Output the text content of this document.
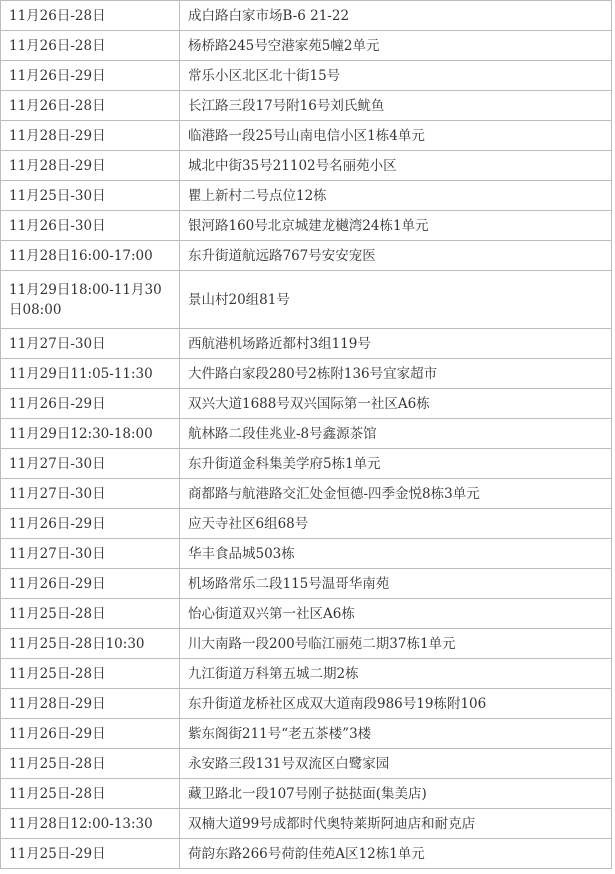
11月26日-28日	成白路白家市场B-6 21-22
11月26日-28日	杨桥路245号空港家苑5幢2单元
11月26日-29日	常乐小区北区北十街15号
11月26日-28日	长江路三段17号附16号刘氏鱿鱼
11月28日-29日	临港路一段25号山南电信小区1栋4单元
11月28日-29日	城北中街35号21102号名丽苑小区
11月25日-30日	瞿上新村二号点位12栋
11月26日-30日	银河路160号北京城建龙樾湾24栋1单元
11月28日16:00-17:00	东升街道航远路767号安安宠医
11月29日18:00-11月30日08:00	景山村20组81号
11月27日-30日	西航港机场路近都村3组119号
11月29日11:05-11:30	大件路白家段280号2栋附136号宜家超市
11月26日-29日	双兴大道1688号双兴国际第一社区A6栋
11月29日12:30-18:00	航林路二段佳兆业-8号鑫源茶馆
11月27日-30日	东升街道金科集美学府5栋1单元
11月27日-30日	商都路与航港路交汇处金恒德-四季金悦8栋3单元
11月26日-29日	应天寺社区6组68号
11月27日-30日	华丰食品城503栋
11月26日-29日	机场路常乐二段115号温哥华南苑
11月25日-28日	怡心街道双兴第一社区A6栋
11月25日-28日10:30	川大南路一段200号临江丽苑二期37栋1单元
11月25日-28日	九江街道万科第五城二期2栋
11月28日-29日	东升街道龙桥社区成双大道南段986号19栋附106
11月26日-29日	紫东阁街211号“老五茶楼”3楼
11月25日-28日	永安路三段131号双流区白鹭家园
11月25日-28日	藏卫路北一段107号刚子挞挞面(集美店)
11月28日12:00-13:30	双楠大道99号成都时代奥特莱斯阿迪店和耐克店
11月25日-29日	荷韵东路266号荷韵佳苑A区12栋1单元
